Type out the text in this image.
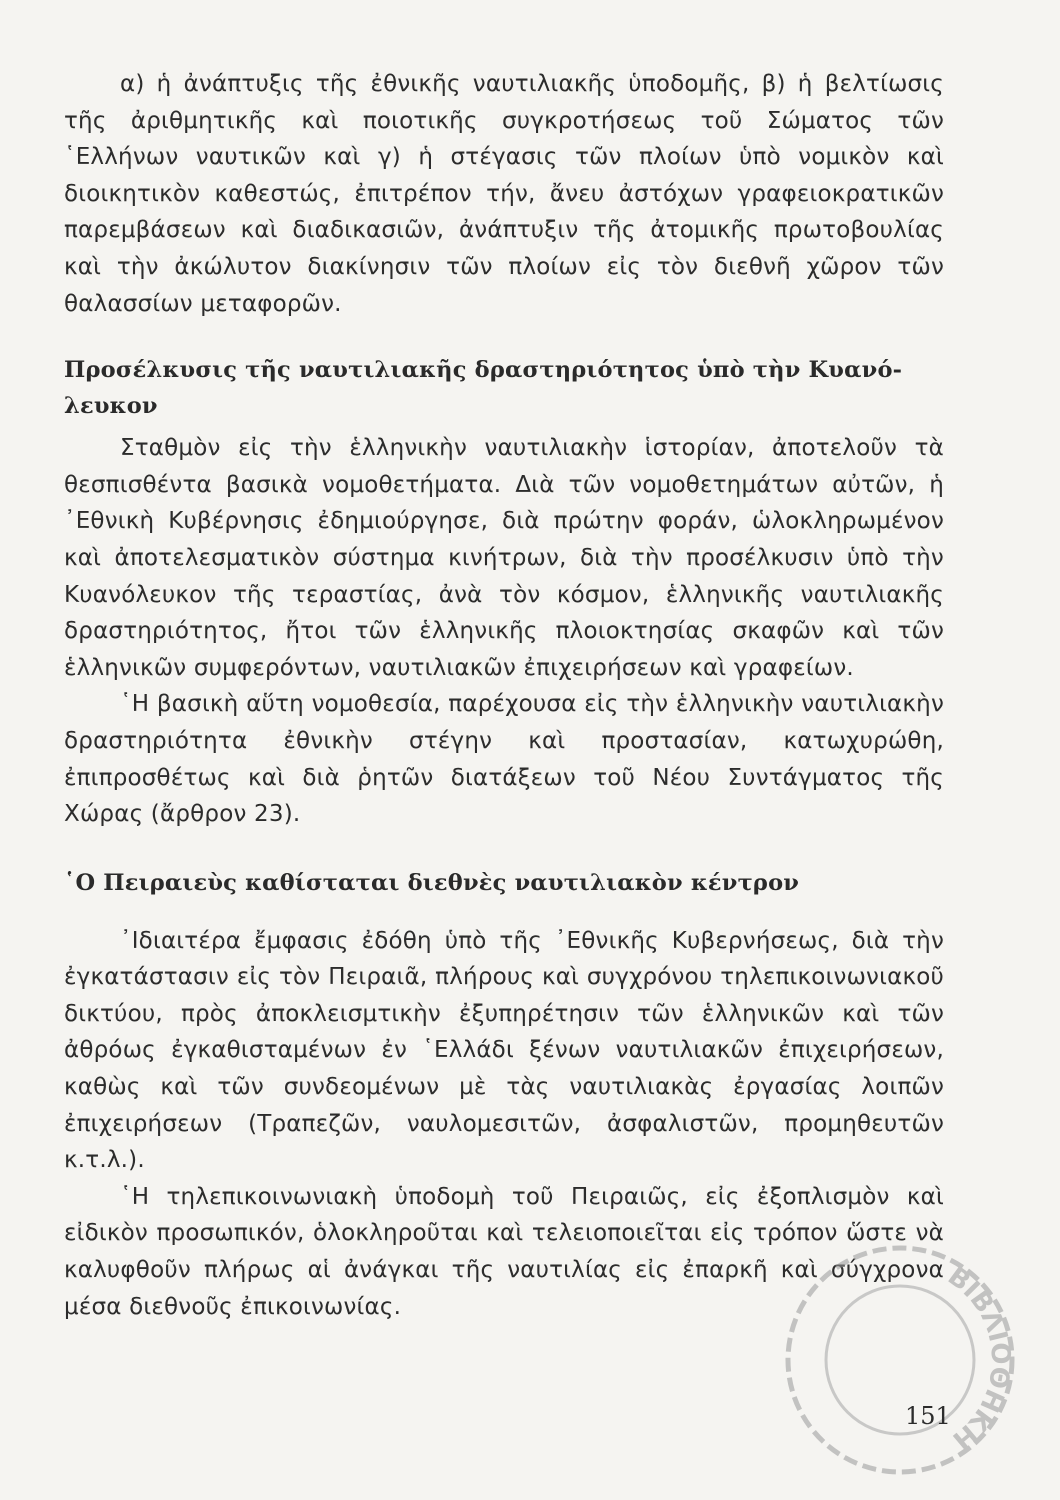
α) ἡ ἀνάπτυξις τῆς ἐθνικῆς ναυτιλιακῆς ὑποδομῆς, β) ἡ βελτίωσις τῆς ἀριθμητικῆς καὶ ποιοτικῆς συγκροτήσεως τοῦ Σώματος τῶν ῾Ελλήνων ναυτικῶν καὶ γ) ἡ στέγασις τῶν πλοίων ὑπὸ νομικὸν καὶ διοικητικὸν καθεστώς, ἐπιτρέπον τήν, ἄνευ ἀστόχων γραφειοκρατικῶν παρεμβάσεων καὶ διαδικασιῶν, ἀνάπτυξιν τῆς ἀτομικῆς πρωτοβουλίας καὶ τὴν ἀκώλυτον διακίνησιν τῶν πλοίων εἰς τὸν διεθνῆ χῶρον τῶν θαλασσίων μεταφορῶν.

Προσέλκυσις τῆς ναυτιλιακῆς δραστηριότητος ὑπὸ τὴν Κυανόλευκον

Σταθμὸν εἰς τὴν ἑλληνικὴν ναυτιλιακὴν ἱστορίαν, ἀποτελοῦν τὰ θεσπισθέντα βασικὰ νομοθετήματα. Διὰ τῶν νομοθετημάτων αὐτῶν, ἡ ᾿Εθνικὴ Κυβέρνησις ἐδημιούργησε, διὰ πρώτην φοράν, ὡλοκληρωμένον καὶ ἀποτελεσματικὸν σύστημα κινήτρων, διὰ τὴν προσέλκυσιν ὑπὸ τὴν Κυανόλευκον τῆς τεραστίας, ἀνὰ τὸν κόσμον, ἑλληνικῆς ναυτιλιακῆς δραστηριότητος, ἤτοι τῶν ἑλληνικῆς πλοιοκτησίας σκαφῶν καὶ τῶν ἑλληνικῶν συμφερόντων, ναυτιλιακῶν ἐπιχειρήσεων καὶ γραφείων.

῾Η βασικὴ αὕτη νομοθεσία, παρέχουσα εἰς τὴν ἑλληνικὴν ναυτιλιακὴν δραστηριότητα ἐθνικὴν στέγην καὶ προστασίαν, κατωχυρώθη, ἐπιπροσθέτως καὶ διὰ ῥητῶν διατάξεων τοῦ Νέου Συντάγματος τῆς Χώρας (ἄρθρον 23).

῾Ο Πειραιεὺς καθίσταται διεθνὲς ναυτιλιακὸν κέντρον

᾿Ιδιαιτέρα ἔμφασις ἐδόθη ὑπὸ τῆς ᾿Εθνικῆς Κυβερνήσεως, διὰ τὴν ἐγκατάστασιν εἰς τὸν Πειραιᾶ, πλήρους καὶ συγχρόνου τηλεπικοινωνιακοῦ δικτύου, πρὸς ἀποκλεισμτικὴν ἐξυπηρέτησιν τῶν ἑλληνικῶν καὶ τῶν ἀθρόως ἐγκαθισταμένων ἐν ῾Ελλάδι ξένων ναυτιλιακῶν ἐπιχειρήσεων, καθὼς καὶ τῶν συνδεομένων μὲ τὰς ναυτιλιακὰς ἐργασίας λοιπῶν ἐπιχειρήσεων (Τραπεζῶν, ναυλομεσιτῶν, ἀσφαλιστῶν, προμηθευτῶν κ.τ.λ.).

῾Η τηλεπικοινωνιακὴ ὑποδομὴ τοῦ Πειραιῶς, εἰς ἐξοπλισμὸν καὶ εἰδικὸν προσωπικόν, ὁλοκληροῦται καὶ τελειοποιεῖται εἰς τρόπον ὥστε νὰ καλυφθοῦν πλήρως αἱ ἀνάγκαι τῆς ναυτιλίας εἰς ἐπαρκῆ καὶ σύγχρονα μέσα διεθνοῦς ἐπικοινωνίας.

ΒΙΒΛΙΟΘΗΚΗ
151
